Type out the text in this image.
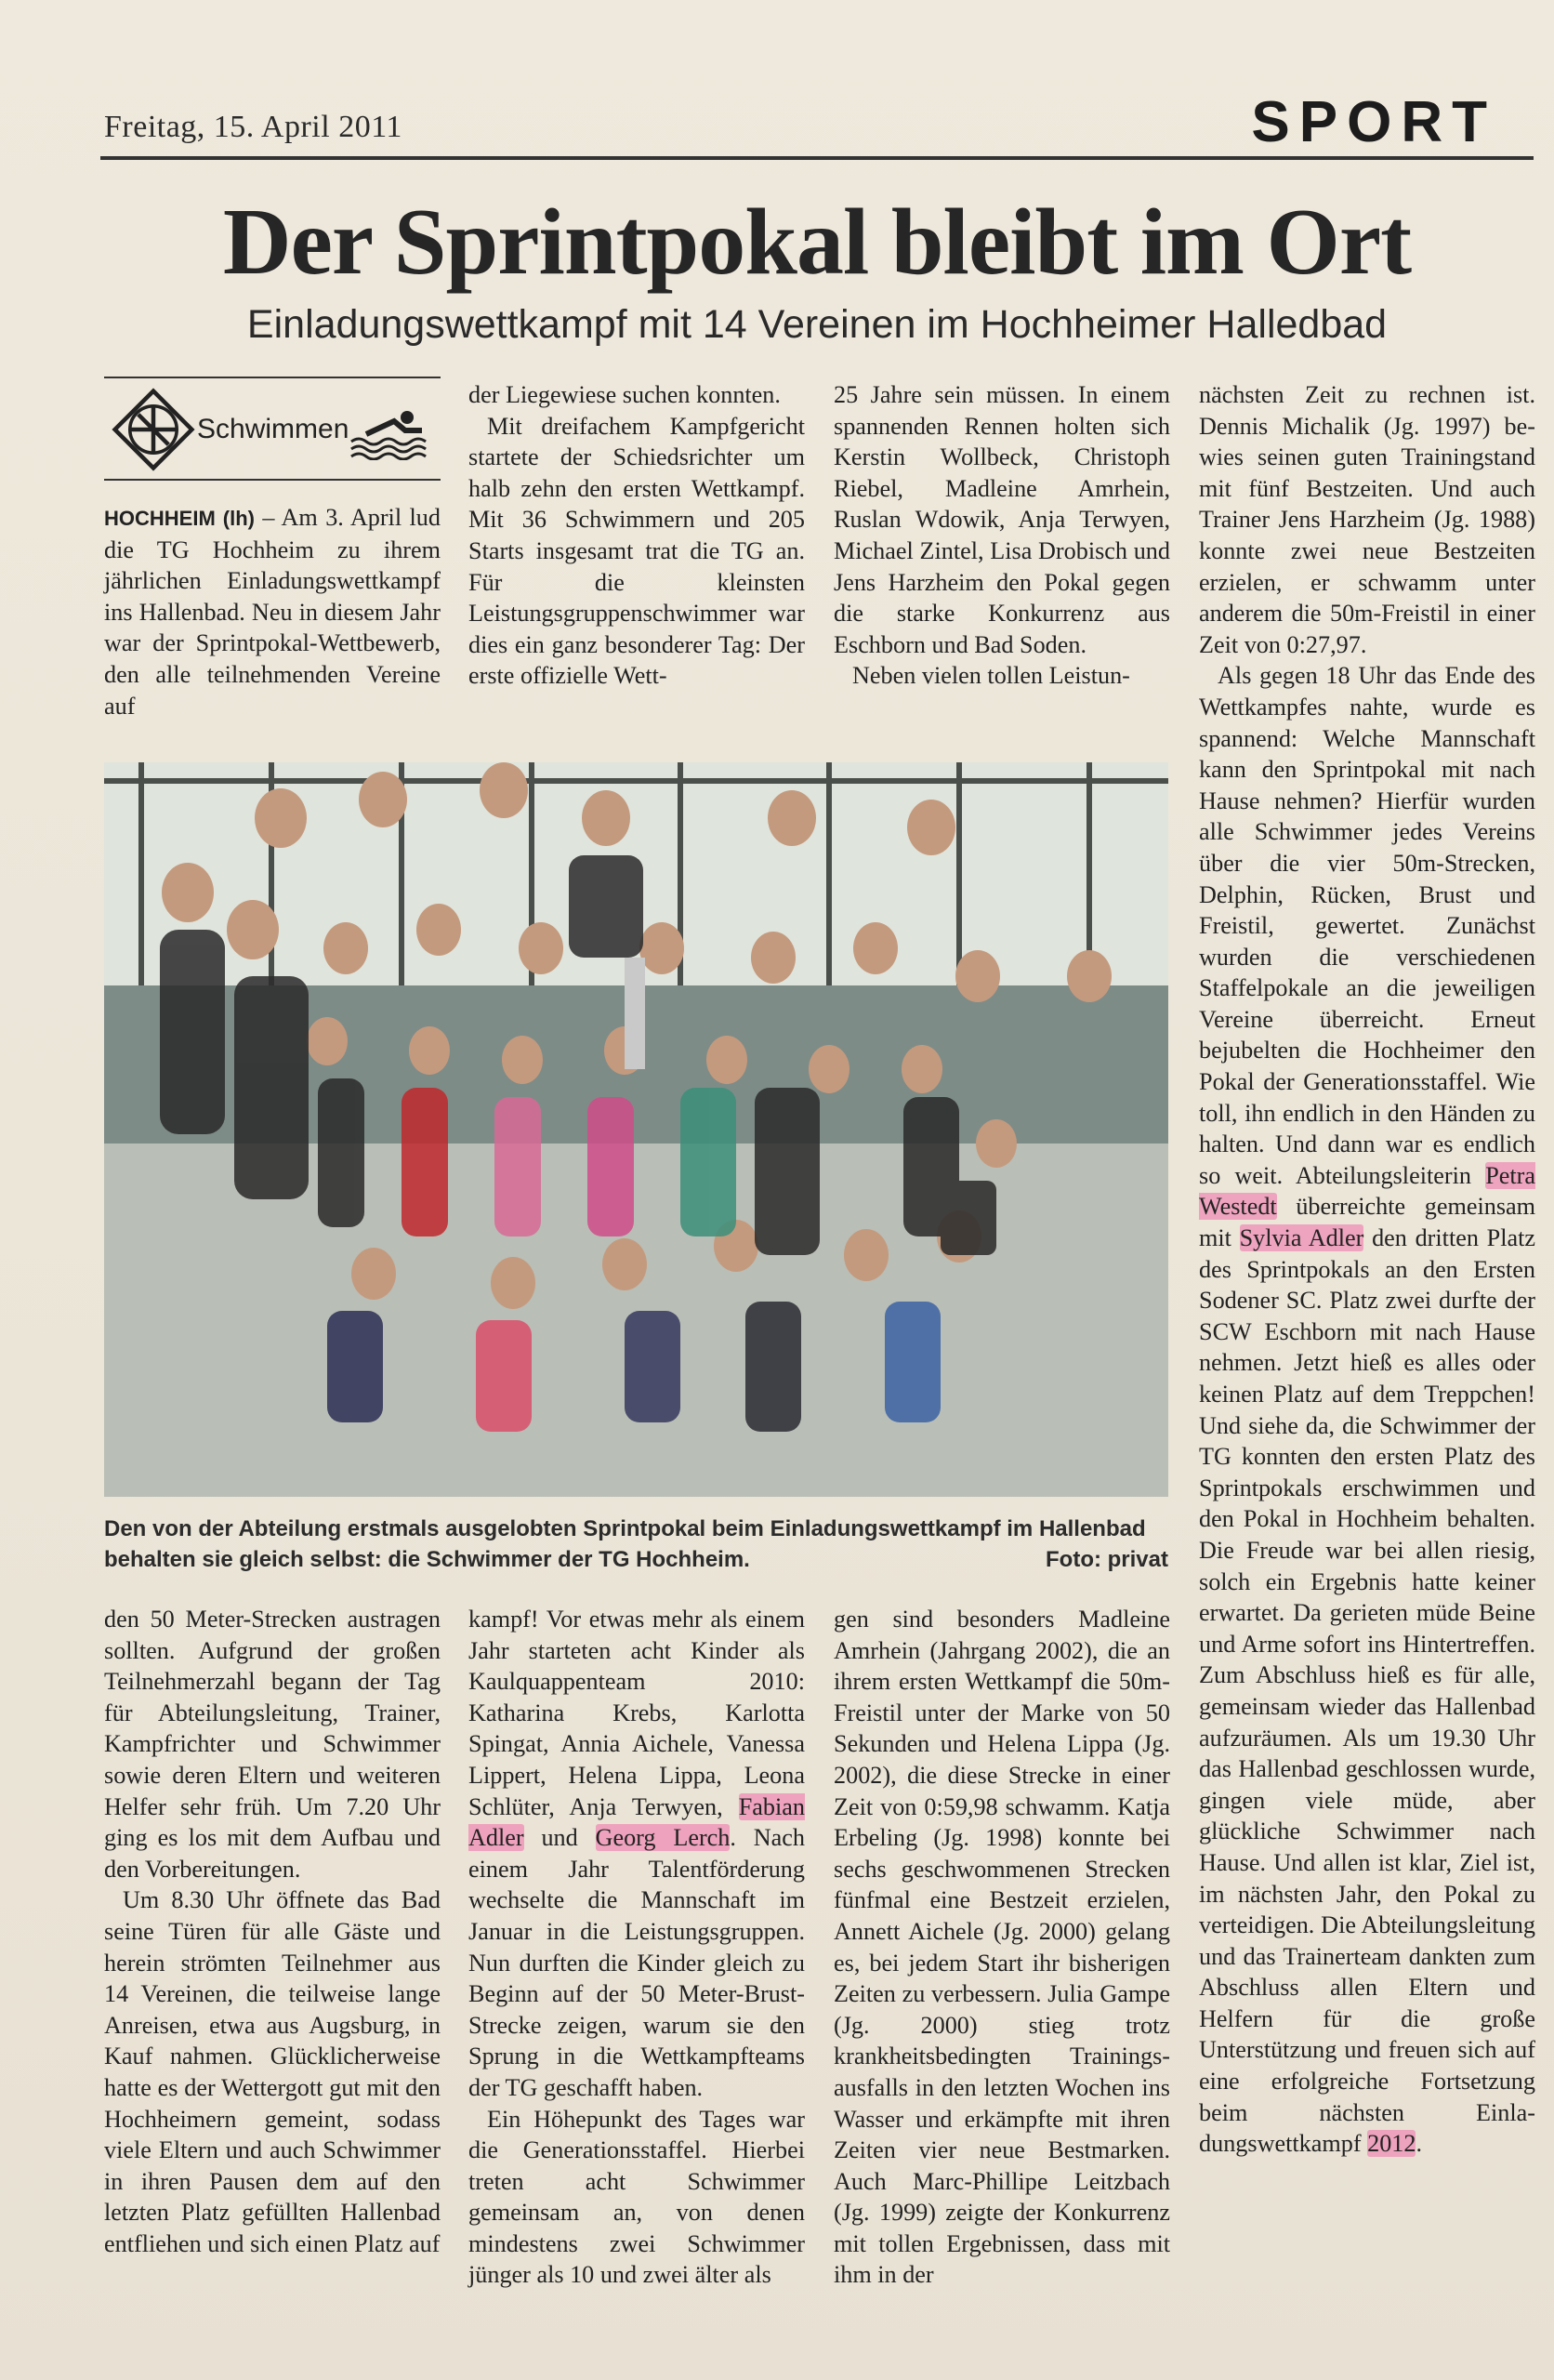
Freitag, 15. April 2011	SPORT
Der Sprintpokal bleibt im Ort
Einladungswettkampf mit 14 Vereinen im Hochheimer Halledbad
Schwimmen

HOCHHEIM (lh) – Am 3. April lud die TG Hochheim zu ihrem jährlichen Einladungswettkampf ins Hallenbad. Neu in diesem Jahr war der Sprintpokal-Wettbewerb, den alle teilnehmenden Vereine auf

der Liegewiese suchen konnten.

Mit dreifachem Kampfgericht startete der Schiedsrichter um halb zehn den ersten Wettkampf. Mit 36 Schwimmern und 205 Starts insgesamt trat die TG an. Für die kleinsten Leistungsgruppenschwimmer war dies ein ganz besonderer Tag: Der erste offizielle Wett-

25 Jahre sein müssen. In einem spannenden Rennen holten sich Kerstin Wollbeck, Christoph Riebel, Madleine Amrhein, Ruslan Wdowik, Anja Terwyen, Michael Zintel, Lisa Drobisch und Jens Harzheim den Pokal gegen die starke Konkurrenz aus Eschborn und Bad Soden.

Neben vielen tollen Leistun-

nächsten Zeit zu rechnen ist. Dennis Michalik (Jg. 1997) bewies seinen guten Trainingstand mit fünf Bestzeiten. Und auch Trainer Jens Harzheim (Jg. 1988) konnte zwei neue Bestzeiten erzielen, er schwamm unter anderem die 50m-Freistil in einer Zeit von 0:27,97.

Als gegen 18 Uhr das Ende des Wettkampfes nahte, wurde es spannend: Welche Mannschaft kann den Sprintpokal mit nach Hause nehmen? Hierfür wurden alle Schwimmer jedes Vereins über die vier 50m-Strecken, Delphin, Rücken, Brust und Freistil, gewertet. Zunächst wurden die verschiedenen Staffelpokale an die jeweiligen Vereine überreicht. Erneut bejubelten die Hochheimer den Pokal der Generationsstaffel. Wie toll, ihn endlich in den Händen zu halten. Und dann war es endlich so weit. Abteilungsleiterin Petra Westedt überreichte gemeinsam mit Sylvia Adler den dritten Platz des Sprintpokals an den Ersten Sodener SC. Platz zwei durfte der SCW Eschborn mit nach Hause nehmen. Jetzt hieß es alles oder keinen Platz auf dem Treppchen! Und siehe da, die Schwimmer der TG konnten den ersten Platz des Sprintpokals erschwimmen und den Pokal in Hochheim behalten. Die Freude war bei allen riesig, solch ein Ergebnis hatte keiner erwartet. Da gerieten müde Beine und Arme sofort ins Hintertreffen. Zum Abschluss hieß es für alle, gemeinsam wieder das Hallenbad aufzuräumen. Als um 19.30 Uhr das Hallenbad geschlossen wurde, gingen viele müde, aber glückliche Schwimmer nach Hause. Und allen ist klar, Ziel ist, im nächsten Jahr, den Pokal zu verteidigen. Die Abteilungsleitung und das Trainerteam dankten zum Abschluss allen Eltern und Helfern für die große Unterstützung und freuen sich auf eine erfolgreiche Fortsetzung beim nächsten Einladungswettkampf 2012.

Den von der Abteilung erstmals ausgelobten Sprintpokal beim Einladungswettkampf im Hallenbad behalten sie gleich selbst: die Schwimmer der TG Hochheim.	Foto: privat

den 50 Meter-Strecken austragen sollten. Aufgrund der großen Teilnehmerzahl begann der Tag für Abteilungsleitung, Trainer, Kampfrichter und Schwimmer sowie deren Eltern und weiteren Helfer sehr früh. Um 7.20 Uhr ging es los mit dem Aufbau und den Vorbereitungen.

Um 8.30 Uhr öffnete das Bad seine Türen für alle Gäste und herein strömten Teilnehmer aus 14 Vereinen, die teilweise lange Anreisen, etwa aus Augsburg, in Kauf nahmen. Glücklicherweise hatte es der Wettergott gut mit den Hochheimern gemeint, sodass viele Eltern und auch Schwimmer in ihren Pausen dem auf den letzten Platz gefüllten Hallenbad entfliehen und sich einen Platz auf

kampf! Vor etwas mehr als einem Jahr starteten acht Kinder als Kaulquappenteam 2010: Katharina Krebs, Karlotta Spingat, Annia Aichele, Vanessa Lippert, Helena Lippa, Leona Schlüter, Anja Terwyen, Fabian Adler und Georg Lerch. Nach einem Jahr Talentförderung wechselte die Mannschaft im Januar in die Leistungsgruppen. Nun durften die Kinder gleich zu Beginn auf der 50 Meter-Brust-Strecke zeigen, warum sie den Sprung in die Wettkampfteams der TG geschafft haben.

Ein Höhepunkt des Tages war die Generationsstaffel. Hierbei treten acht Schwimmer gemeinsam an, von denen mindestens zwei Schwimmer jünger als 10 und zwei älter als

gen sind besonders Madleine Amrhein (Jahrgang 2002), die an ihrem ersten Wettkampf die 50m-Freistil unter der Marke von 50 Sekunden und Helena Lippa (Jg. 2002), die diese Strecke in einer Zeit von 0:59,98 schwamm. Katja Erbeling (Jg. 1998) konnte bei sechs geschwommenen Strecken fünfmal eine Bestzeit erzielen, Annett Aichele (Jg. 2000) gelang es, bei jedem Start ihr bisherigen Zeiten zu verbessern. Julia Gampe (Jg. 2000) stieg trotz krankheitsbedingten Trainingsausfalls in den letzten Wochen ins Wasser und erkämpfte mit ihren Zeiten vier neue Bestmarken. Auch Marc-Phillipe Leitzbach (Jg. 1999) zeigte der Konkurrenz mit tollen Ergebnissen, dass mit ihm in der
